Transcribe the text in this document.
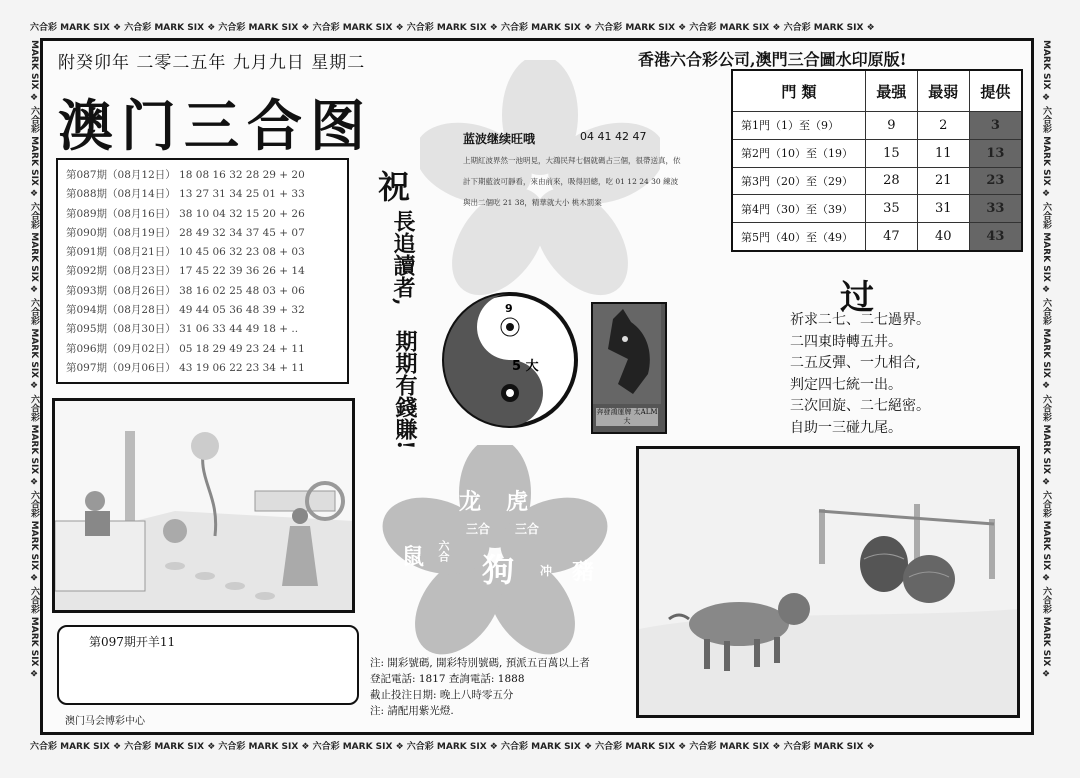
六合彩 MARK SIX ❖ 六合彩 MARK SIX ❖ 六合彩 MARK SIX ❖ 六合彩 MARK SIX ❖ 六合彩 MARK SIX ❖ 六合彩 MARK SIX ❖ 六合彩 MARK SIX ❖ 六合彩 MARK SIX ❖ 六合彩 MARK SIX ❖
六合彩 MARK SIX ❖ 六合彩 MARK SIX ❖ 六合彩 MARK SIX ❖ 六合彩 MARK SIX ❖ 六合彩 MARK SIX ❖ 六合彩 MARK SIX ❖ 六合彩 MARK SIX ❖ 六合彩 MARK SIX ❖ 六合彩 MARK SIX ❖
MARK SIX ❖ 六合彩 MARK SIX ❖ 六合彩 MARK SIX ❖ 六合彩 MARK SIX ❖ 六合彩 MARK SIX ❖ 六合彩 MARK SIX ❖ 六合彩 MARK SIX ❖	MARK SIX ❖ 六合彩 MARK SIX ❖ 六合彩 MARK SIX ❖ 六合彩 MARK SIX ❖ 六合彩 MARK SIX ❖ 六合彩 MARK SIX ❖ 六合彩 MARK SIX ❖
附癸卯年 二零二五年 九月九日 星期二
澳门三合图
香港六合彩公司,澳門三合圖水印原版!
第087期（08月12日） 18 08 16 32 28 29 + 20
第088期（08月14日） 13 27 31 34 25 01 + 33
第089期（08月16日） 38 10 04 32 15 20 + 26
第090期（08月19日） 28 49 32 34 37 45 + 07
第091期（08月21日） 10 45 06 32 23 08 + 03
第092期（08月23日） 17 45 22 39 36 26 + 14
第093期（08月26日） 38 16 02 25 48 03 + 06
第094期（08月28日） 49 44 05 36 48 39 + 32
第095期（08月30日） 31 06 33 44 49 18 + ..
第096期（09月02日） 05 18 29 49 23 24 + 11
第097期（09月06日） 43 19 06 22 23 34 + 11
第097期开羊11
澳门马会博彩中心
祝
長追讀者,
期期有錢賺!
蓝波继续旺哦	04 41 42 47
上期紅波界然一池明見，大鴻民拜七個就碼占三個，很帶送真，依計下期藍波可靜看，來由前來，吸得回總，吃 01 12 24 30 練波與出二個吃 21 38，精華就大小 桃木罰案
9
5 大
奔發鴻運牌 太ALM 大
龙 虎
三合 三合
鼠 六合 狗 冲 豬
門 類	最强	最弱	提供
第1門（1）至（9）	9	2	3
第2門（10）至（19）	15	11	13
第3門（20）至（29）	28	21	23
第4門（30）至（39）	35	31	33
第5門（40）至（49）	47	40	43
过
祈求二七、二七過界。
二四東時轉五井。
二五反彈、一九相合,
判定四七統一出。
三次回旋、二七絕密。
自助一三碰九尾。
注: 開彩號碼, 開彩特別號碼, 預派五百萬以上者
登記電話: 1817 查詢電話: 1888
截止投注日期: 晚上八時零五分
注: 請配用紫光燈.
